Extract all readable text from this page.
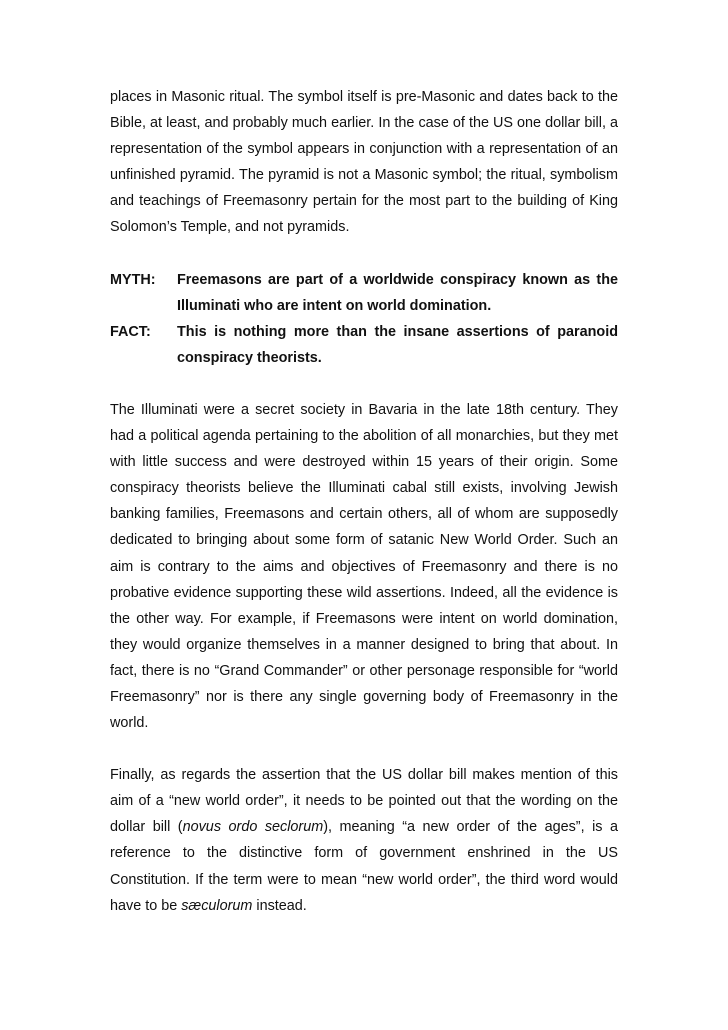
places in Masonic ritual. The symbol itself is pre-Masonic and dates back to the Bible, at least, and probably much earlier. In the case of the US one dollar bill, a representation of the symbol appears in conjunction with a representation of an unfinished pyramid. The pyramid is not a Masonic symbol; the ritual, symbolism and teachings of Freemasonry pertain for the most part to the building of King Solomon’s Temple, and not pyramids.

MYTH:	Freemasons are part of a worldwide conspiracy known as the Illuminati who are intent on world domination.
FACT:	This is nothing more than the insane assertions of paranoid conspiracy theorists.

The Illuminati were a secret society in Bavaria in the late 18th century. They had a political agenda pertaining to the abolition of all monarchies, but they met with little success and were destroyed within 15 years of their origin. Some conspiracy theorists believe the Illuminati cabal still exists, involving Jewish banking families, Freemasons and certain others, all of whom are supposedly dedicated to bringing about some form of satanic New World Order. Such an aim is contrary to the aims and objectives of Freemasonry and there is no probative evidence supporting these wild assertions. Indeed, all the evidence is the other way. For example, if Freemasons were intent on world domination, they would organize themselves in a manner designed to bring that about. In fact, there is no “Grand Commander” or other personage responsible for “world Freemasonry” nor is there any single governing body of Freemasonry in the world.

Finally, as regards the assertion that the US dollar bill makes mention of this aim of a “new world order”, it needs to be pointed out that the wording on the dollar bill (novus ordo seclorum), meaning “a new order of the ages”, is a reference to the distinctive form of government enshrined in the US Constitution. If the term were to mean “new world order”, the third word would have to be sæculorum instead.
